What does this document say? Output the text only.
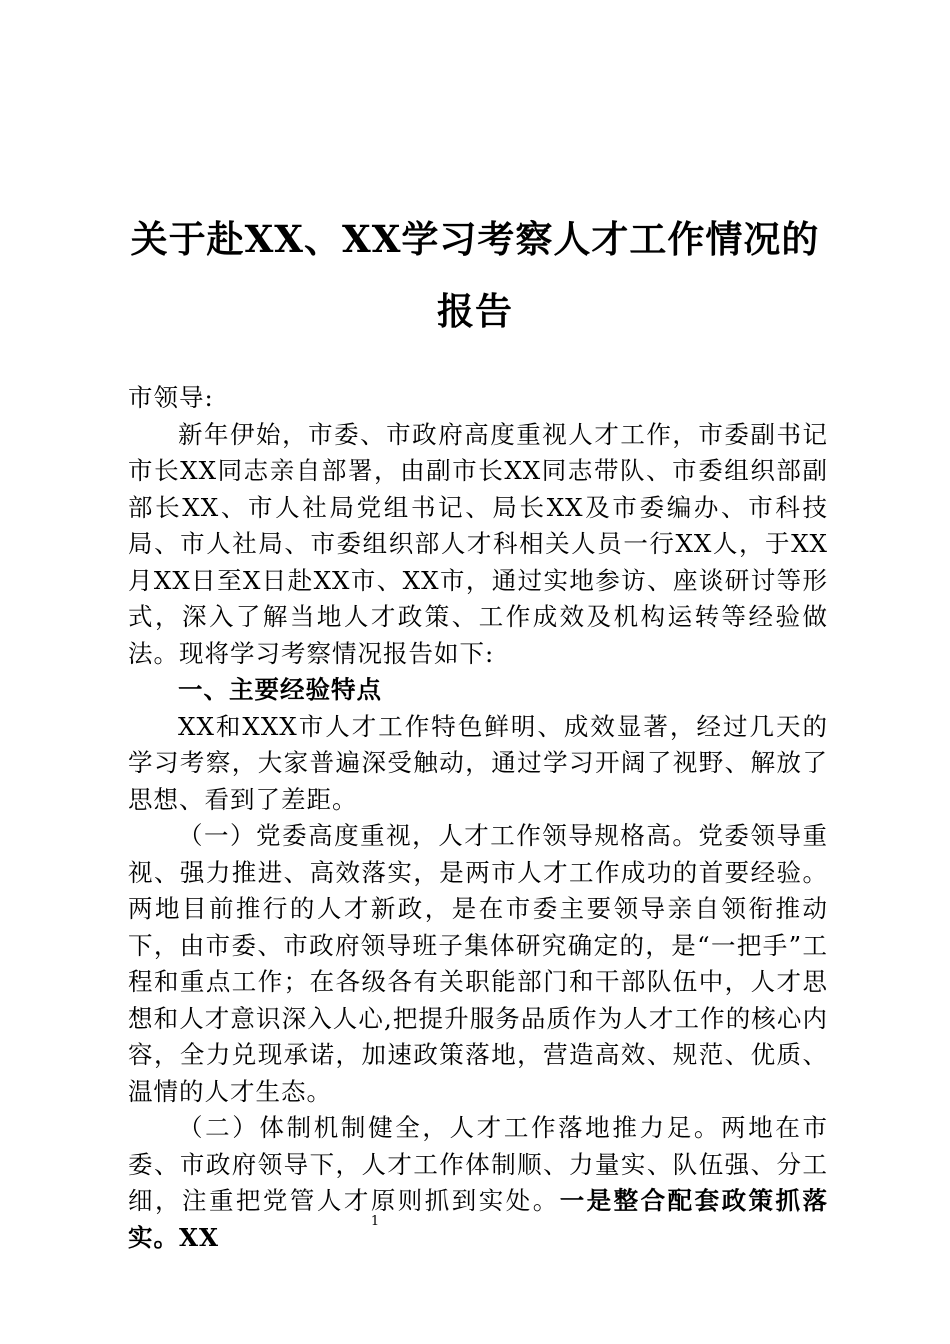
关于赴XX、XX学习考察人才工作情况的
报告

市领导:

新年伊始，市委、市政府高度重视人才工作，市委副书记市长XX同志亲自部署，由副市长XX同志带队、市委组织部副部长XX、市人社局党组书记、局长XX及市委编办、市科技局、市人社局、市委组织部人才科相关人员一行XX人，于XX月XX日至X日赴XX市、XX市，通过实地参访、座谈研讨等形式，深入了解当地人才政策、工作成效及机构运转等经验做法。现将学习考察情况报告如下:

一、主要经验特点

XX和XXX市人才工作特色鲜明、成效显著，经过几天的学习考察，大家普遍深受触动，通过学习开阔了视野、解放了思想、看到了差距。

（一）党委高度重视，人才工作领导规格高。党委领导重视、强力推进、高效落实，是两市人才工作成功的首要经验。两地目前推行的人才新政，是在市委主要领导亲自领衔推动下，由市委、市政府领导班子集体研究确定的，是“一把手”工程和重点工作；在各级各有关职能部门和干部队伍中，人才思想和人才意识深入人心,把提升服务品质作为人才工作的核心内容，全力兑现承诺，加速政策落地，营造高效、规范、优质、温情的人才生态。

（二）体制机制健全，人才工作落地推力足。两地在市委、市政府领导下，人才工作体制顺、力量实、队伍强、分工细，注重把党管人才原则抓到实处。一是整合配套政策抓落实。XX

1
